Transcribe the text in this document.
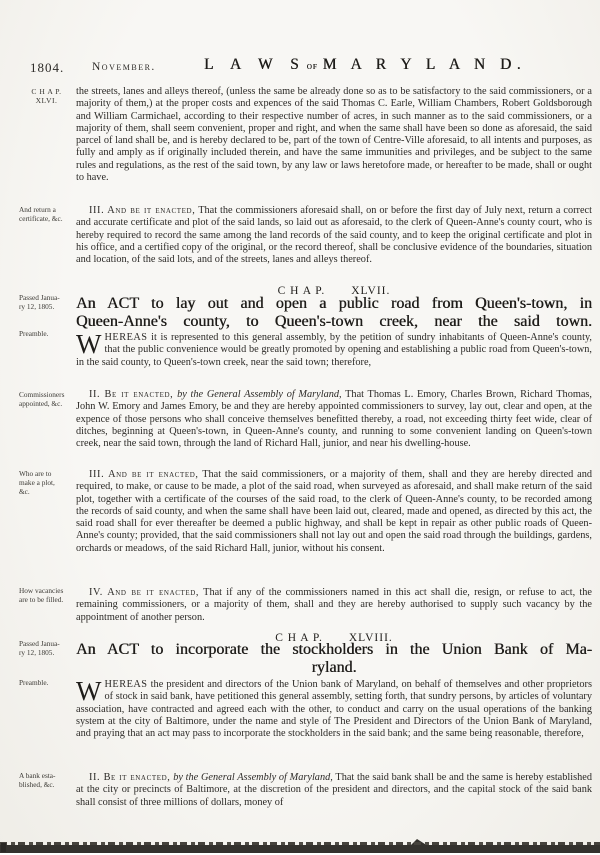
1804. November.	L A W Sof M A R Y L A N D.
C H A P.
XLVI.
And return a
certificate, &c.
Passed Janua-
ry 12, 1805.
Preamble.
Commissioners
appointed, &c.
Who are to
make a plot,
&c.
How vacancies
are to be filled.
Passed Janua-
ry 12, 1805.
Preamble.
A bank esta-
blished, &c.

the streets, lanes and alleys thereof, (unless the same be already done so as to be satisfactory to the said commissioners, or a majority of them,) at the proper costs and expences of the said Thomas C. Earle, William Chambers, Robert Goldsborough and William Carmichael, according to their respective number of acres, in such manner as to the said commissioners, or a majority of them, shall seem convenient, proper and right, and when the same shall have been so done as aforesaid, the said parcel of land shall be, and is hereby declared to be, part of the town of Centre-Ville aforesaid, to all intents and purposes, as fully and amply as if originally included therein, and have the same immunities and privileges, and be subject to the same rules and regulations, as the rest of the said town, by any law or laws heretofore made, or hereafter to be made, shall or ought to have.

III. And be it enacted, That the commissioners aforesaid shall, on or before the first day of July next, return a correct and accurate certificate and plot of the said lands, so laid out as aforesaid, to the clerk of Queen-Anne's county court, who is hereby required to record the same among the land records of the said county, and to keep the original certificate and plot in his office, and a certified copy of the original, or the record thereof, shall be conclusive evidence of the boundaries, situation and location, of the said lots, and of the streets, lanes and alleys thereof.

C H A P. XLVII.
An ACT to lay out and open a public road from Queen's-town, in
Queen-Anne's county, to Queen's-town creek, near the said town.

WHEREAS it is represented to this general assembly, by the petition of sundry inhabitants of Queen-Anne's county, that the public convenience would be greatly promoted by opening and establishing a public road from Queen's-town, in the said county, to Queen's-town creek, near the said town; therefore,

II. Be it enacted, by the General Assembly of Maryland, That Thomas L. Emory, Charles Brown, Richard Thomas, John W. Emory and James Emory, be and they are hereby appointed commissioners to survey, lay out, clear and open, at the expence of those persons who shall conceive themselves benefitted thereby, a road, not exceeding thirty feet wide, clear of ditches, beginning at Queen's-town, in Queen-Anne's county, and running to some convenient landing on Queen's-town creek, near the said town, through the land of Richard Hall, junior, and near his dwelling-house.

III. And be it enacted, That the said commissioners, or a majority of them, shall and they are hereby directed and required, to make, or cause to be made, a plot of the said road, when surveyed as aforesaid, and shall make return of the said plot, together with a certificate of the courses of the said road, to the clerk of Queen-Anne's county, to be recorded among the records of said county, and when the same shall have been laid out, cleared, made and opened, as directed by this act, the said road shall for ever thereafter be deemed a public highway, and shall be kept in repair as other public roads of Queen-Anne's county; provided, that the said commissioners shall not lay out and open the said road through the buildings, gardens, orchards or meadows, of the said Richard Hall, junior, without his consent.

IV. And be it enacted, That if any of the commissioners named in this act shall die, resign, or refuse to act, the remaining commissioners, or a majority of them, shall and they are hereby authorised to supply such vacancy by the appointment of another person.

C H A P. XLVIII.
An ACT to incorporate the stockholders in the Union Bank of Ma-
ryland.

WHEREAS the president and directors of the Union bank of Maryland, on behalf of themselves and other proprietors of stock in said bank, have petitioned this general assembly, setting forth, that sundry persons, by articles of voluntary association, have contracted and agreed each with the other, to conduct and carry on the usual operations of the banking system at the city of Baltimore, under the name and style of The President and Directors of the Union Bank of Maryland, and praying that an act may pass to incorporate the stockholders in the said bank; and the same being reasonable, therefore,

II. Be it enacted, by the General Assembly of Maryland, That the said bank shall be and the same is hereby established at the city or precincts of Baltimore, at the discretion of the president and directors, and the capital stock of the said bank shall consist of three millions of dollars, money of
